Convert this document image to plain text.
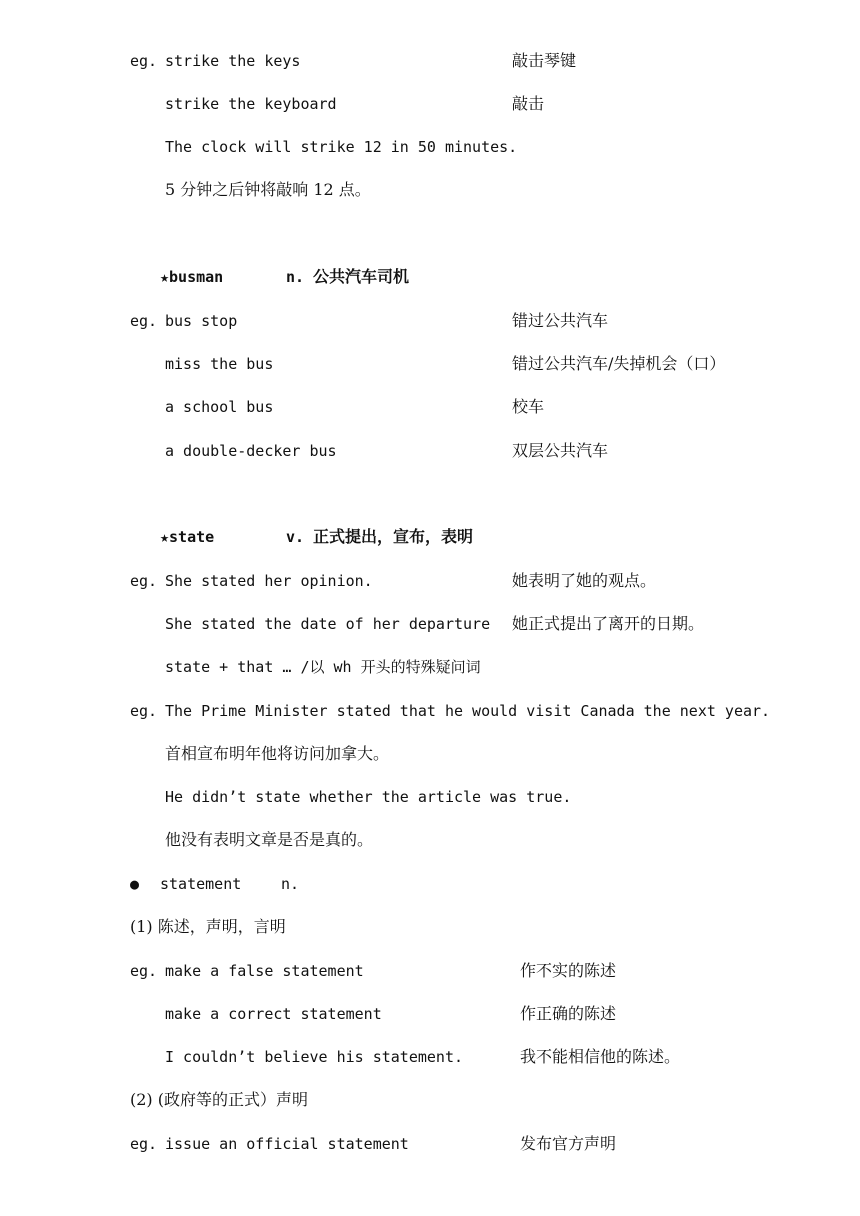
eg. strike the keys	敲击琴键
strike the keyboard	敲击
The clock will strike 12 in 50 minutes.
5 分钟之后钟将敲响 12 点。
★busman	n. 公共汽车司机
eg. bus stop	错过公共汽车
miss the bus	错过公共汽车/失掉机会（口）
a school bus	校车
a double-decker bus	双层公共汽车
★state	v. 正式提出，宣布，表明
eg. She stated her opinion.	她表明了她的观点。
She stated the date of her departure 她正式提出了离开的日期。
state + that … /以 wh 开头的特殊疑问词
eg. The Prime Minister stated that he would visit Canada the next year.
首相宣布明年他将访问加拿大。
He didn’t state whether the article was true.
他没有表明文章是否是真的。
● statement	n.
(1) 陈述，声明，言明
eg. make a false statement	作不实的陈述
make a correct statement	作正确的陈述
I couldn’t believe his statement.	我不能相信他的陈述。
(2) (政府等的正式）声明
eg. issue an official statement	发布官方声明
